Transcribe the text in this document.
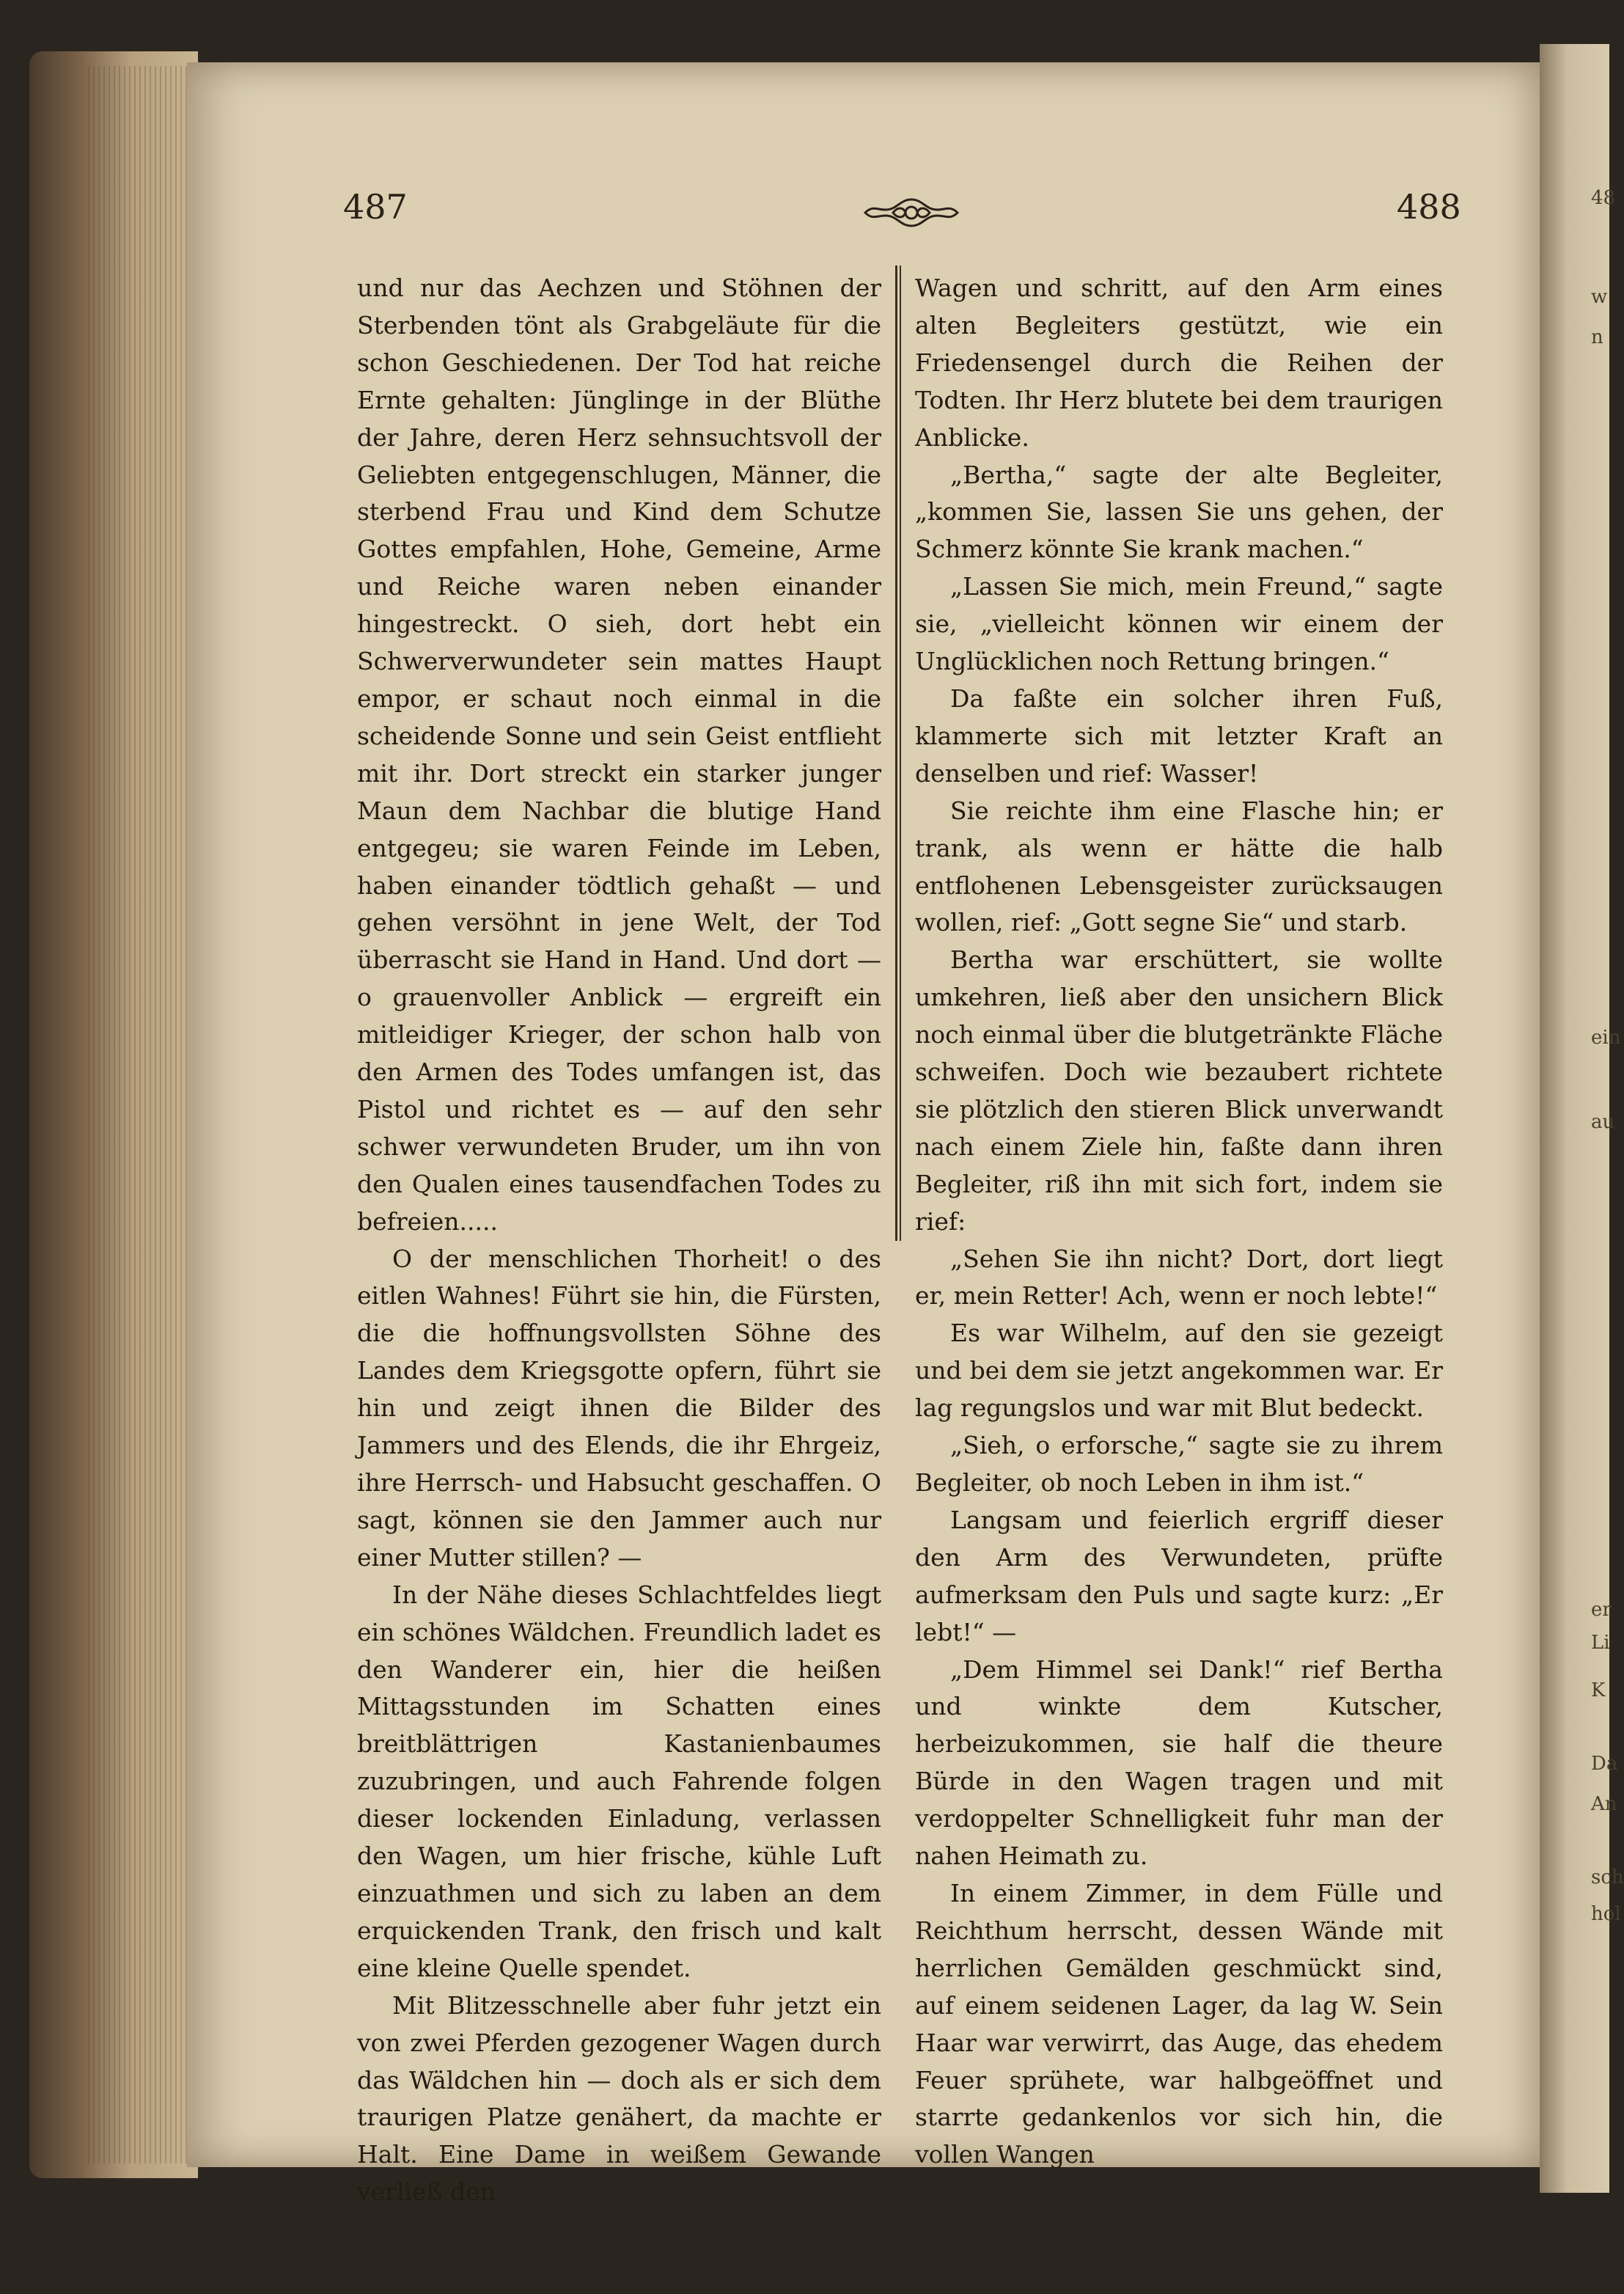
487	488

und nur das Aechzen und Stöhnen der Sterbenden tönt als Grabgeläute für die schon Geschiedenen. Der Tod hat reiche Ernte gehalten: Jünglinge in der Blüthe der Jahre, deren Herz sehnsuchtsvoll der Geliebten entgegenschlugen, Männer, die sterbend Frau und Kind dem Schutze Gottes empfahlen, Hohe, Gemeine, Arme und Reiche waren neben einander hingestreckt. O sieh, dort hebt ein Schwerverwundeter sein mattes Haupt empor, er schaut noch einmal in die scheidende Sonne und sein Geist entflieht mit ihr. Dort streckt ein starker junger Maun dem Nachbar die blutige Hand entgegeu; sie waren Feinde im Leben, haben einander tödtlich gehaßt — und gehen versöhnt in jene Welt, der Tod überrascht sie Hand in Hand. Und dort — o grauenvoller Anblick — ergreift ein mitleidiger Krieger, der schon halb von den Armen des Todes umfangen ist, das Pistol und richtet es — auf den sehr schwer verwundeten Bruder, um ihn von den Qualen eines tausendfachen Todes zu befreien.....

O der menschlichen Thorheit! o des eitlen Wahnes! Führt sie hin, die Fürsten, die die hoffnungsvollsten Söhne des Landes dem Kriegsgotte opfern, führt sie hin und zeigt ihnen die Bilder des Jammers und des Elends, die ihr Ehrgeiz, ihre Herrsch- und Habsucht geschaffen. O sagt, können sie den Jammer auch nur einer Mutter stillen? —

In der Nähe dieses Schlachtfeldes liegt ein schönes Wäldchen. Freundlich ladet es den Wanderer ein, hier die heißen Mittagsstunden im Schatten eines breitblättrigen Kastanienbaumes zuzubringen, und auch Fahrende folgen dieser lockenden Einladung, verlassen den Wagen, um hier frische, kühle Luft einzuathmen und sich zu laben an dem erquickenden Trank, den frisch und kalt eine kleine Quelle spendet.

Mit Blitzesschnelle aber fuhr jetzt ein von zwei Pferden gezogener Wagen durch das Wäldchen hin — doch als er sich dem traurigen Platze genähert, da machte er Halt. Eine Dame in weißem Gewande verließ den

Wagen und schritt, auf den Arm eines alten Begleiters gestützt, wie ein Friedensengel durch die Reihen der Todten. Ihr Herz blutete bei dem traurigen Anblicke.

„Bertha,“ sagte der alte Begleiter, „kommen Sie, lassen Sie uns gehen, der Schmerz könnte Sie krank machen.“

„Lassen Sie mich, mein Freund,“ sagte sie, „vielleicht können wir einem der Unglücklichen noch Rettung bringen.“

Da faßte ein solcher ihren Fuß, klammerte sich mit letzter Kraft an denselben und rief: Wasser!

Sie reichte ihm eine Flasche hin; er trank, als wenn er hätte die halb entflohenen Lebensgeister zurücksaugen wollen, rief: „Gott segne Sie“ und starb.

Bertha war erschüttert, sie wollte umkehren, ließ aber den unsichern Blick noch einmal über die blutgetränkte Fläche schweifen. Doch wie bezaubert richtete sie plötzlich den stieren Blick unverwandt nach einem Ziele hin, faßte dann ihren Begleiter, riß ihn mit sich fort, indem sie rief:

„Sehen Sie ihn nicht? Dort, dort liegt er, mein Retter! Ach, wenn er noch lebte!“

Es war Wilhelm, auf den sie gezeigt und bei dem sie jetzt angekommen war. Er lag regungslos und war mit Blut bedeckt.

„Sieh, o erforsche,“ sagte sie zu ihrem Begleiter, ob noch Leben in ihm ist.“

Langsam und feierlich ergriff dieser den Arm des Verwundeten, prüfte aufmerksam den Puls und sagte kurz: „Er lebt!“ —

„Dem Himmel sei Dank!“ rief Bertha und winkte dem Kutscher, herbeizukommen, sie half die theure Bürde in den Wagen tragen und mit verdoppelter Schnelligkeit fuhr man der nahen Heimath zu.

In einem Zimmer, in dem Fülle und Reichthum herrscht, dessen Wände mit herrlichen Gemälden geschmückt sind, auf einem seidenen Lager, da lag W. Sein Haar war verwirrt, das Auge, das ehedem Feuer sprühete, war halbgeöffnet und starrte gedankenlos vor sich hin, die vollen Wangen

48
w
n
ein
au
er
Li
K
Da
An
sch
hol
